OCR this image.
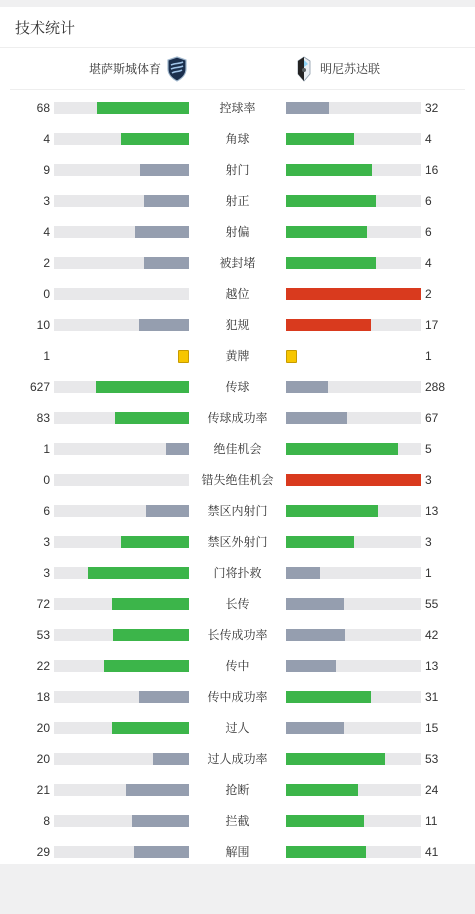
技术统计
堪萨斯城体育	明尼苏达联
68	控球率	32
4	角球	4
9	射门	16
3	射正	6
4	射偏	6
2	被封堵	4
0	越位	2
10	犯规	17
1	黄牌	1
627	传球	288
83	传球成功率	67
1	绝佳机会	5
0	错失绝佳机会	3
6	禁区内射门	13
3	禁区外射门	3
3	门将扑救	1
72	长传	55
53	长传成功率	42
22	传中	13
18	传中成功率	31
20	过人	15
20	过人成功率	53
21	抢断	24
8	拦截	11
29	解围	41
